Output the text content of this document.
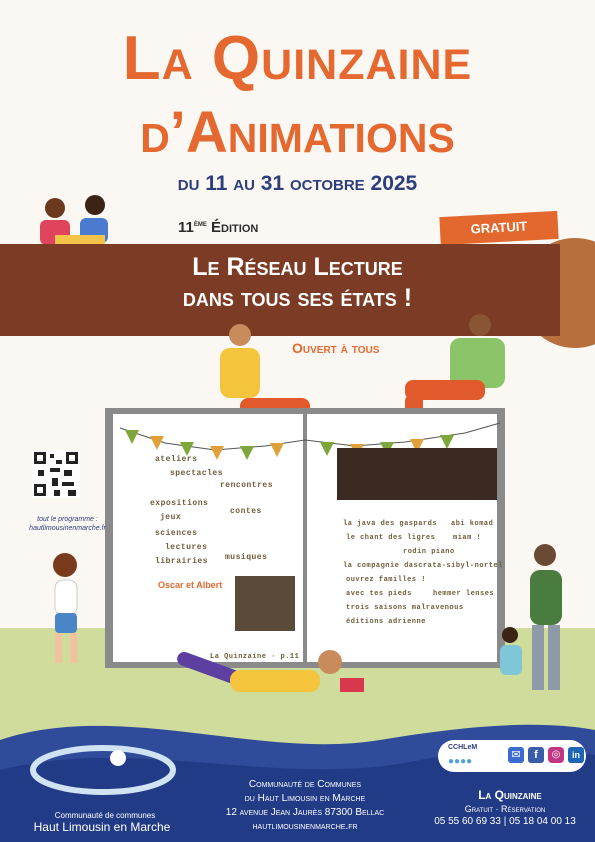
La Quinzaine
d’Animations
du 11 au 31 octobre 2025
11ème Édition	GRATUIT
Le Réseau Lecture
dans tous ses états !
Ouvert à tous
ateliers
spectacles
rencontres
expositions
jeux
contes
sciences
lectures
librairies musiques
la java des gaspards abi komad
le chant des ligres	miam !
rodin piano
la compagnie dascrata-sibyl-nortel
ouvrez familles !
avec tes pieds	hemmer lenses
trois saisons malravenous
éditions adrienne
Oscar et Albert
La Quinzaine · p.11
tout le programme :
hautlimousinenmarche.fr
Communauté de communes
Haut Limousin en Marche
Communauté de Communes
du Haut Limousin en Marche
12 avenue Jean Jaurès 87300 Bellac
hautlimousinenmarche.fr
CCHLeM
●●●●
✉	f	◎	in
La Quinzaine
Gratuit · Réservation
05 55 60 69 33 | 05 18 04 00 13
